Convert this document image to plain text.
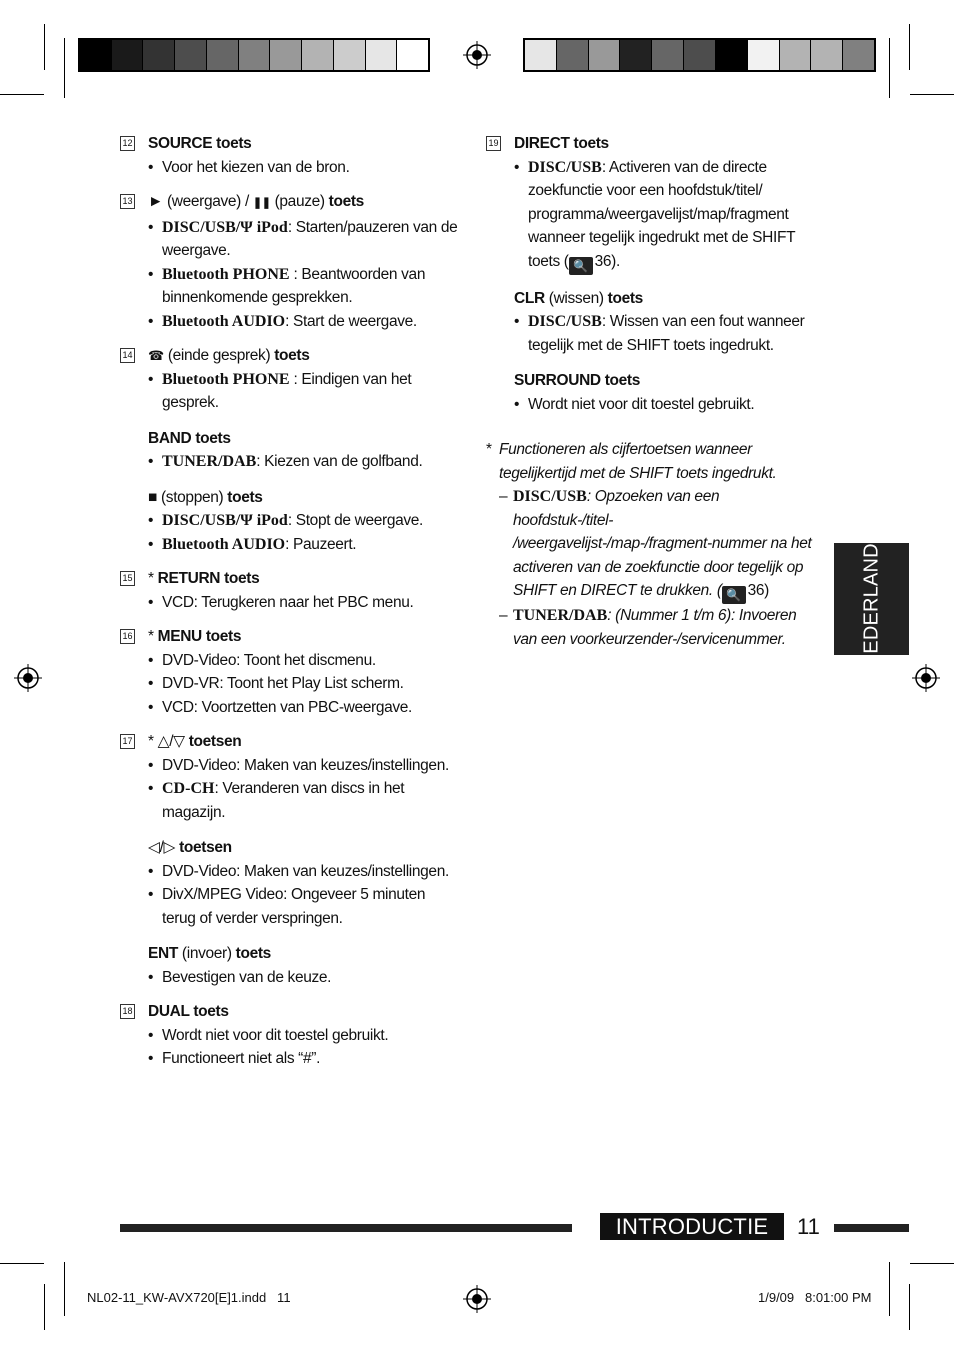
12 SOURCE toets
• Voor het kiezen van de bron.
13 ► (weergave) / ❚❚ (pauze) toets
• DISC/USB/Ψ iPod: Starten/pauzeren van de weergave.
• Bluetooth PHONE : Beantwoorden van binnenkomende gesprekken.
• Bluetooth AUDIO: Start de weergave.
14 ☎ (einde gesprek) toets
• Bluetooth PHONE : Eindigen van het gesprek.
BAND toets
• TUNER/DAB: Kiezen van de golfband.
■ (stoppen) toets
• DISC/USB/Ψ iPod: Stopt de weergave.
• Bluetooth AUDIO: Pauzeert.
15 * RETURN toets
• VCD: Terugkeren naar het PBC menu.
16 * MENU toets
• DVD-Video: Toont het discmenu.
• DVD-VR: Toont het Play List scherm.
• VCD: Voortzetten van PBC-weergave.
17 * △/▽ toetsen
• DVD-Video: Maken van keuzes/instellingen.
• CD-CH: Veranderen van discs in het magazijn.
◁/▷ toetsen
• DVD-Video: Maken van keuzes/instellingen.
• DivX/MPEG Video: Ongeveer 5 minuten terug of verder verspringen.
ENT (invoer) toets
• Bevestigen van de keuze.
18 DUAL toets
• Wordt niet voor dit toestel gebruikt.
• Functioneert niet als “#”.
19 DIRECT toets
• DISC/USB: Activeren van de directe zoekfunctie voor een hoofdstuk/titel/ programma/weergavelijst/map/fragment wanneer tegelijk ingedrukt met de SHIFT toets ( 🔍 36).
CLR (wissen) toets
• DISC/USB: Wissen van een fout wanneer tegelijk met de SHIFT toets ingedrukt.
SURROUND toets
• Wordt niet voor dit toestel gebruikt.
* Functioneren als cijfertoetsen wanneer tegelijkertijd met de SHIFT toets ingedrukt.
– DISC/USB: Opzoeken van een hoofdstuk-/titel- /weergavelijst-/map-/fragment-nummer na het activeren van de zoekfunctie door tegelijk op SHIFT en DIRECT te drukken. ( 🔍 36)
– TUNER/DAB: (Nummer 1 t/m 6): Invoeren van een voorkeurzender-/servicenummer.	NEDERLANDS
INTRODUCTIE	11
NL02-11_KW-AVX720[E]1.indd   11	1/9/09   8:01:00 PM
